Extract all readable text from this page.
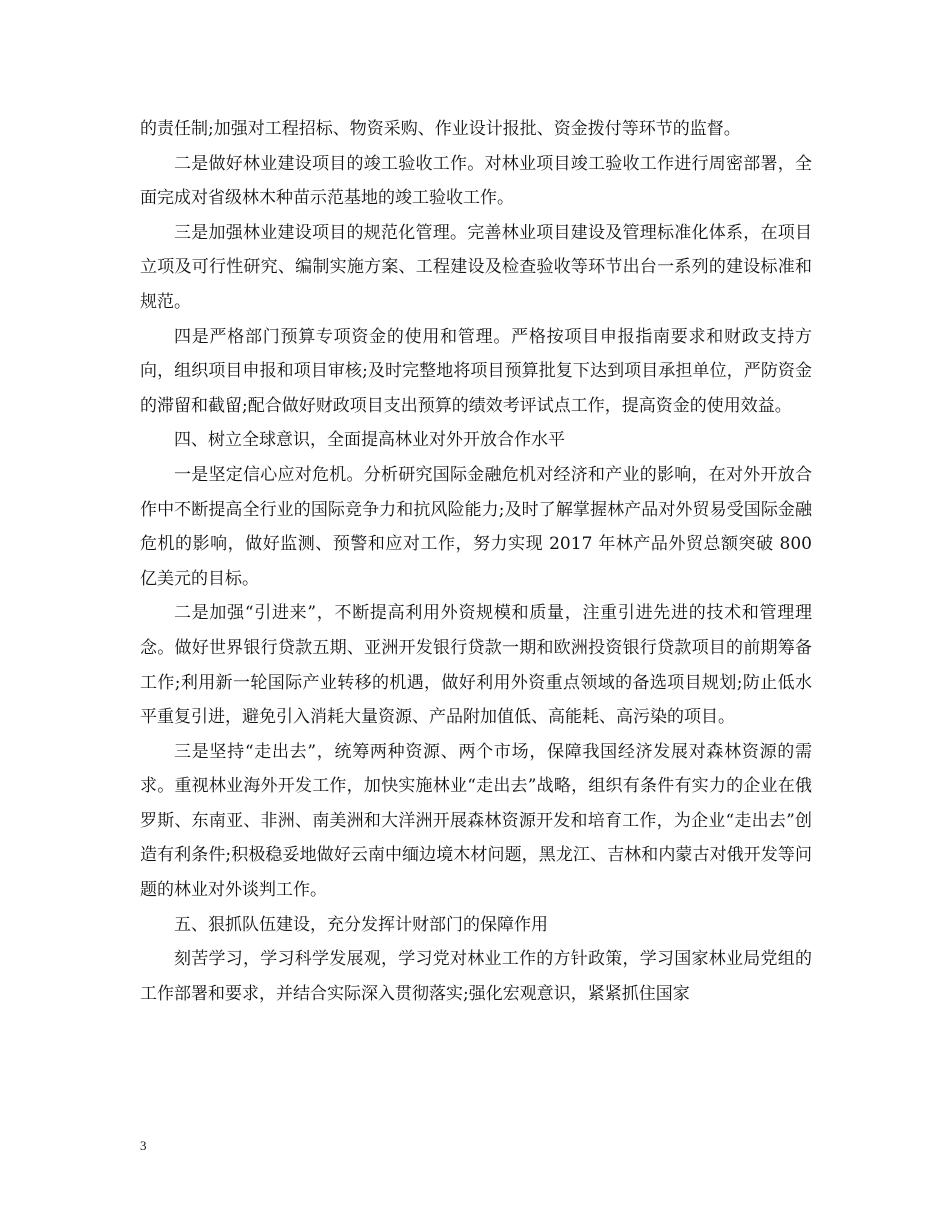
的责任制;加强对工程招标、物资采购、作业设计报批、资金拨付等环节的监督。

二是做好林业建设项目的竣工验收工作。对林业项目竣工验收工作进行周密部署，全面完成对省级林木种苗示范基地的竣工验收工作。

三是加强林业建设项目的规范化管理。完善林业项目建设及管理标准化体系，在项目立项及可行性研究、编制实施方案、工程建设及检查验收等环节出台一系列的建设标准和规范。

四是严格部门预算专项资金的使用和管理。严格按项目申报指南要求和财政支持方向，组织项目申报和项目审核;及时完整地将项目预算批复下达到项目承担单位，严防资金的滞留和截留;配合做好财政项目支出预算的绩效考评试点工作，提高资金的使用效益。

四、树立全球意识，全面提高林业对外开放合作水平

一是坚定信心应对危机。分析研究国际金融危机对经济和产业的影响，在对外开放合作中不断提高全行业的国际竞争力和抗风险能力;及时了解掌握林产品对外贸易受国际金融危机的影响，做好监测、预警和应对工作，努力实现 2017 年林产品外贸总额突破 800 亿美元的目标。

二是加强“引进来”，不断提高利用外资规模和质量，注重引进先进的技术和管理理念。做好世界银行贷款五期、亚洲开发银行贷款一期和欧洲投资银行贷款项目的前期筹备工作;利用新一轮国际产业转移的机遇，做好利用外资重点领域的备选项目规划;防止低水平重复引进，避免引入消耗大量资源、产品附加值低、高能耗、高污染的项目。

三是坚持“走出去”，统筹两种资源、两个市场，保障我国经济发展对森林资源的需求。重视林业海外开发工作，加快实施林业“走出去”战略，组织有条件有实力的企业在俄罗斯、东南亚、非洲、南美洲和大洋洲开展森林资源开发和培育工作，为企业“走出去”创造有利条件;积极稳妥地做好云南中缅边境木材问题，黑龙江、吉林和内蒙古对俄开发等问题的林业对外谈判工作。

五、狠抓队伍建设，充分发挥计财部门的保障作用

刻苦学习，学习科学发展观，学习党对林业工作的方针政策，学习国家林业局党组的工作部署和要求，并结合实际深入贯彻落实;强化宏观意识，紧紧抓住国家

3
